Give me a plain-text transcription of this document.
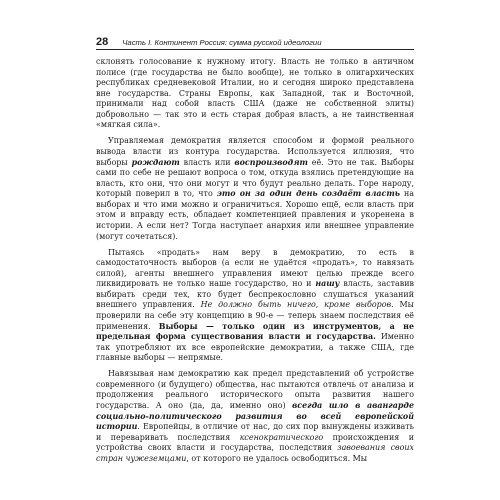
28 Часть I. Континент Россия: сумма русской идеологии

склонять голосование к нужному итогу. Власть не только в античном полисе (где государства не было вообще), не только в олигархических республиках средневековой Италии, но и сегодня широко представлена вне государства. Страны Европы, как Западной, так и Восточной, принимали над собой власть США (даже не собственной элиты) добровольно — так это и есть старая добрая власть, а не таинственная «мягкая сила».

Управляемая демократия является способом и формой реального вывода власти из контура государства. Используется иллюзия, что выборы рождают власть или воспроизводят её. Это не так. Выборы сами по себе не решают вопроса о том, откуда взялись претендующие на власть, кто они, что они могут и что будут реально делать. Горе народу, который поверил в то, что это он за один день создаёт власть на выборах и что ими можно и ограничиться. Хорошо ещё, если власть при этом и вправду есть, обладает компетенцией правления и укоренена в истории. А если нет? Тогда наступает анархия или внешнее управление (могут сочетаться).

Пытаясь «продать» нам веру в демократию, то есть в самодостаточность выборов (а если не удаётся «продать», то навязать силой), агенты внешнего управления имеют целью прежде всего ликвидировать не только наше государство, но и нашу власть, заставив выбирать среди тех, кто будет беспрекословно слушаться указаний внешнего управления. Не должно быть ничего, кроме выборов. Мы проверили на себе эту концепцию в 90-е — теперь знаем последствия её применения. Выборы — только один из инструментов, а не предельная форма существования власти и государства. Именно так употребляют их все европейские демократии, а также США, где главные выборы — непрямые.

Навязывая нам демократию как предел представлений об устройстве современного (и будущего) общества, нас пытаются отвлечь от анализа и продолжения реального исторического опыта развития нашего государства. А оно (да, да, именно оно) всегда шло в авангарде социально-политического развития во всей европейской истории. Европейцы, в отличие от нас, до сих пор вынуждены изживать и переваривать последствия ксенократического происхождения и устройства своих власти и государства, последствия завоевания своих стран чужеземцами, от которого не удалось освободиться. Мы
